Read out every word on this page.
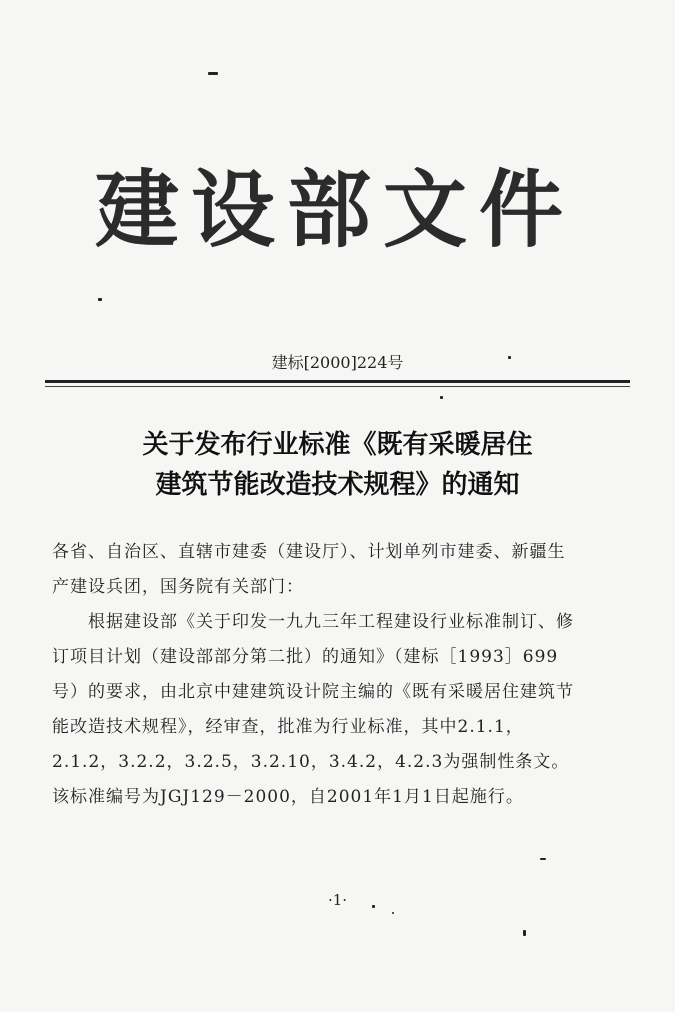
建设部文件
建标[2000]224号
关于发布行业标准《既有采暖居住
建筑节能改造技术规程》的通知

各省、自治区、直辖市建委（建设厅）、计划单列市建委、新疆生产建设兵团，国务院有关部门：

根据建设部《关于印发一九九三年工程建设行业标准制订、修订项目计划（建设部部分第二批）的通知》（建标［1993］699号）的要求，由北京中建建筑设计院主编的《既有采暖居住建筑节能改造技术规程》，经审查，批准为行业标准，其中2.1.1，2.1.2，3.2.2，3.2.5，3.2.10，3.4.2，4.2.3为强制性条文。该标准编号为JGJ129－2000，自2001年1月1日起施行。

·1·
